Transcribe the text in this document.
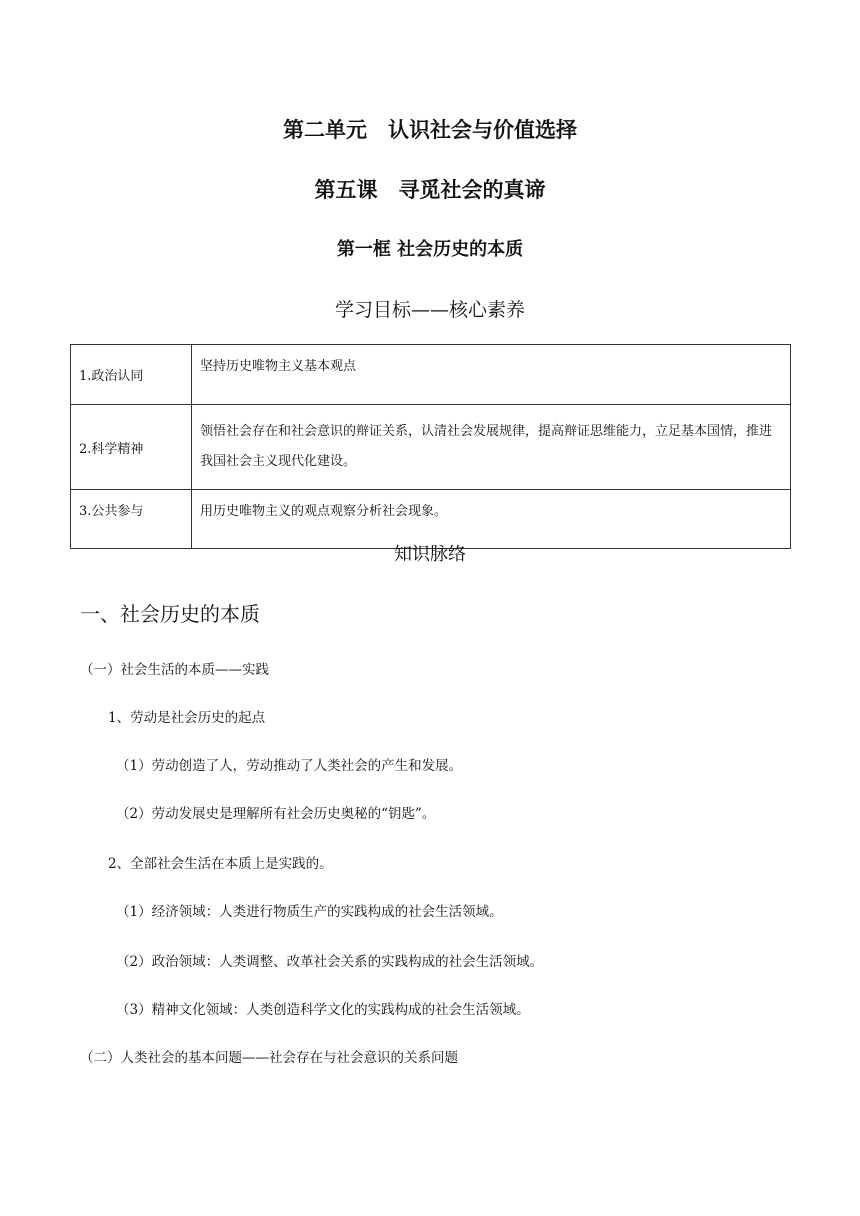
第二单元　认识社会与价值选择
第五课　寻觅社会的真谛
第一框 社会历史的本质
学习目标——核心素养
1.政治认同	坚持历史唯物主义基本观点
2.科学精神	领悟社会存在和社会意识的辩证关系，认清社会发展规律，提高辩证思维能力，立足基本国情，推进我国社会主义现代化建设。
3.公共参与	用历史唯物主义的观点观察分析社会现象。
知识脉络
一、社会历史的本质
（一）社会生活的本质——实践
1、劳动是社会历史的起点
（1）劳动创造了人，劳动推动了人类社会的产生和发展。
（2）劳动发展史是理解所有社会历史奥秘的“钥匙”。
2、全部社会生活在本质上是实践的。
（1）经济领域：人类进行物质生产的实践构成的社会生活领域。
（2）政治领域：人类调整、改革社会关系的实践构成的社会生活领域。
（3）精神文化领域：人类创造科学文化的实践构成的社会生活领域。
（二）人类社会的基本问题——社会存在与社会意识的关系问题
